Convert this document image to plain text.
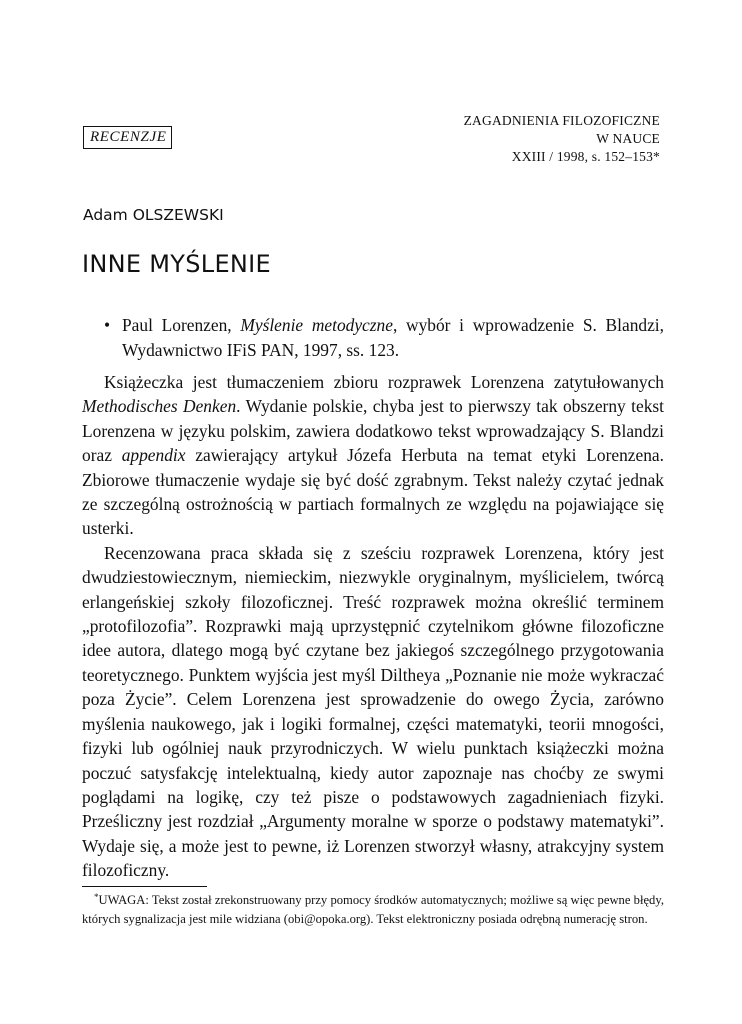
RECENZJE
ZAGADNIENIA FILOZOFICZNE
W NAUCE
XXIII / 1998, s. 152–153*
Adam OLSZEWSKI
INNE MYŚLENIE
• Paul Lorenzen, Myślenie metodyczne, wybór i wprowadzenie S. Blandzi, Wydawnictwo IFiS PAN, 1997, ss. 123.

Książeczka jest tłumaczeniem zbioru rozprawek Lorenzena zatytułowanych Methodisches Denken. Wydanie polskie, chyba jest to pierwszy tak obszerny tekst Lorenzena w języku polskim, zawiera dodatkowo tekst wprowadzający S. Blandzi oraz appendix zawierający artykuł Józefa Herbuta na temat etyki Lorenzena. Zbiorowe tłumaczenie wydaje się być dość zgrabnym. Tekst należy czytać jednak ze szczególną ostrożnością w partiach formalnych ze względu na pojawiające się usterki.

Recenzowana praca składa się z sześciu rozprawek Lorenzena, który jest dwudziestowiecznym, niemieckim, niezwykle oryginalnym, myślicielem, twórcą erlangeńskiej szkoły filozoficznej. Treść rozprawek można określić terminem „protofilozofia”. Rozprawki mają uprzystępnić czytelnikom główne filozoficzne idee autora, dlatego mogą być czytane bez jakiegoś szczególnego przygotowania teoretycznego. Punktem wyjścia jest myśl Diltheya „Poznanie nie może wykraczać poza Życie”. Celem Lorenzena jest sprowadzenie do owego Życia, zarówno myślenia naukowego, jak i logiki formalnej, części matematyki, teorii mnogości, fizyki lub ogólniej nauk przyrodniczych. W wielu punktach książeczki można poczuć satysfakcję intelektualną, kiedy autor zapoznaje nas choćby ze swymi poglądami na logikę, czy też pisze o podstawowych zagadnieniach fizyki. Prześliczny jest rozdział „Argumenty moralne w sporze o podstawy matematyki”. Wydaje się, a może jest to pewne, iż Lorenzen stworzył własny, atrakcyjny system filozoficzny.

*UWAGA: Tekst został zrekonstruowany przy pomocy środków automatycznych; możliwe są więc pewne błędy, których sygnalizacja jest mile widziana (obi@opoka.org). Tekst elektroniczny posiada odrębną numerację stron.
